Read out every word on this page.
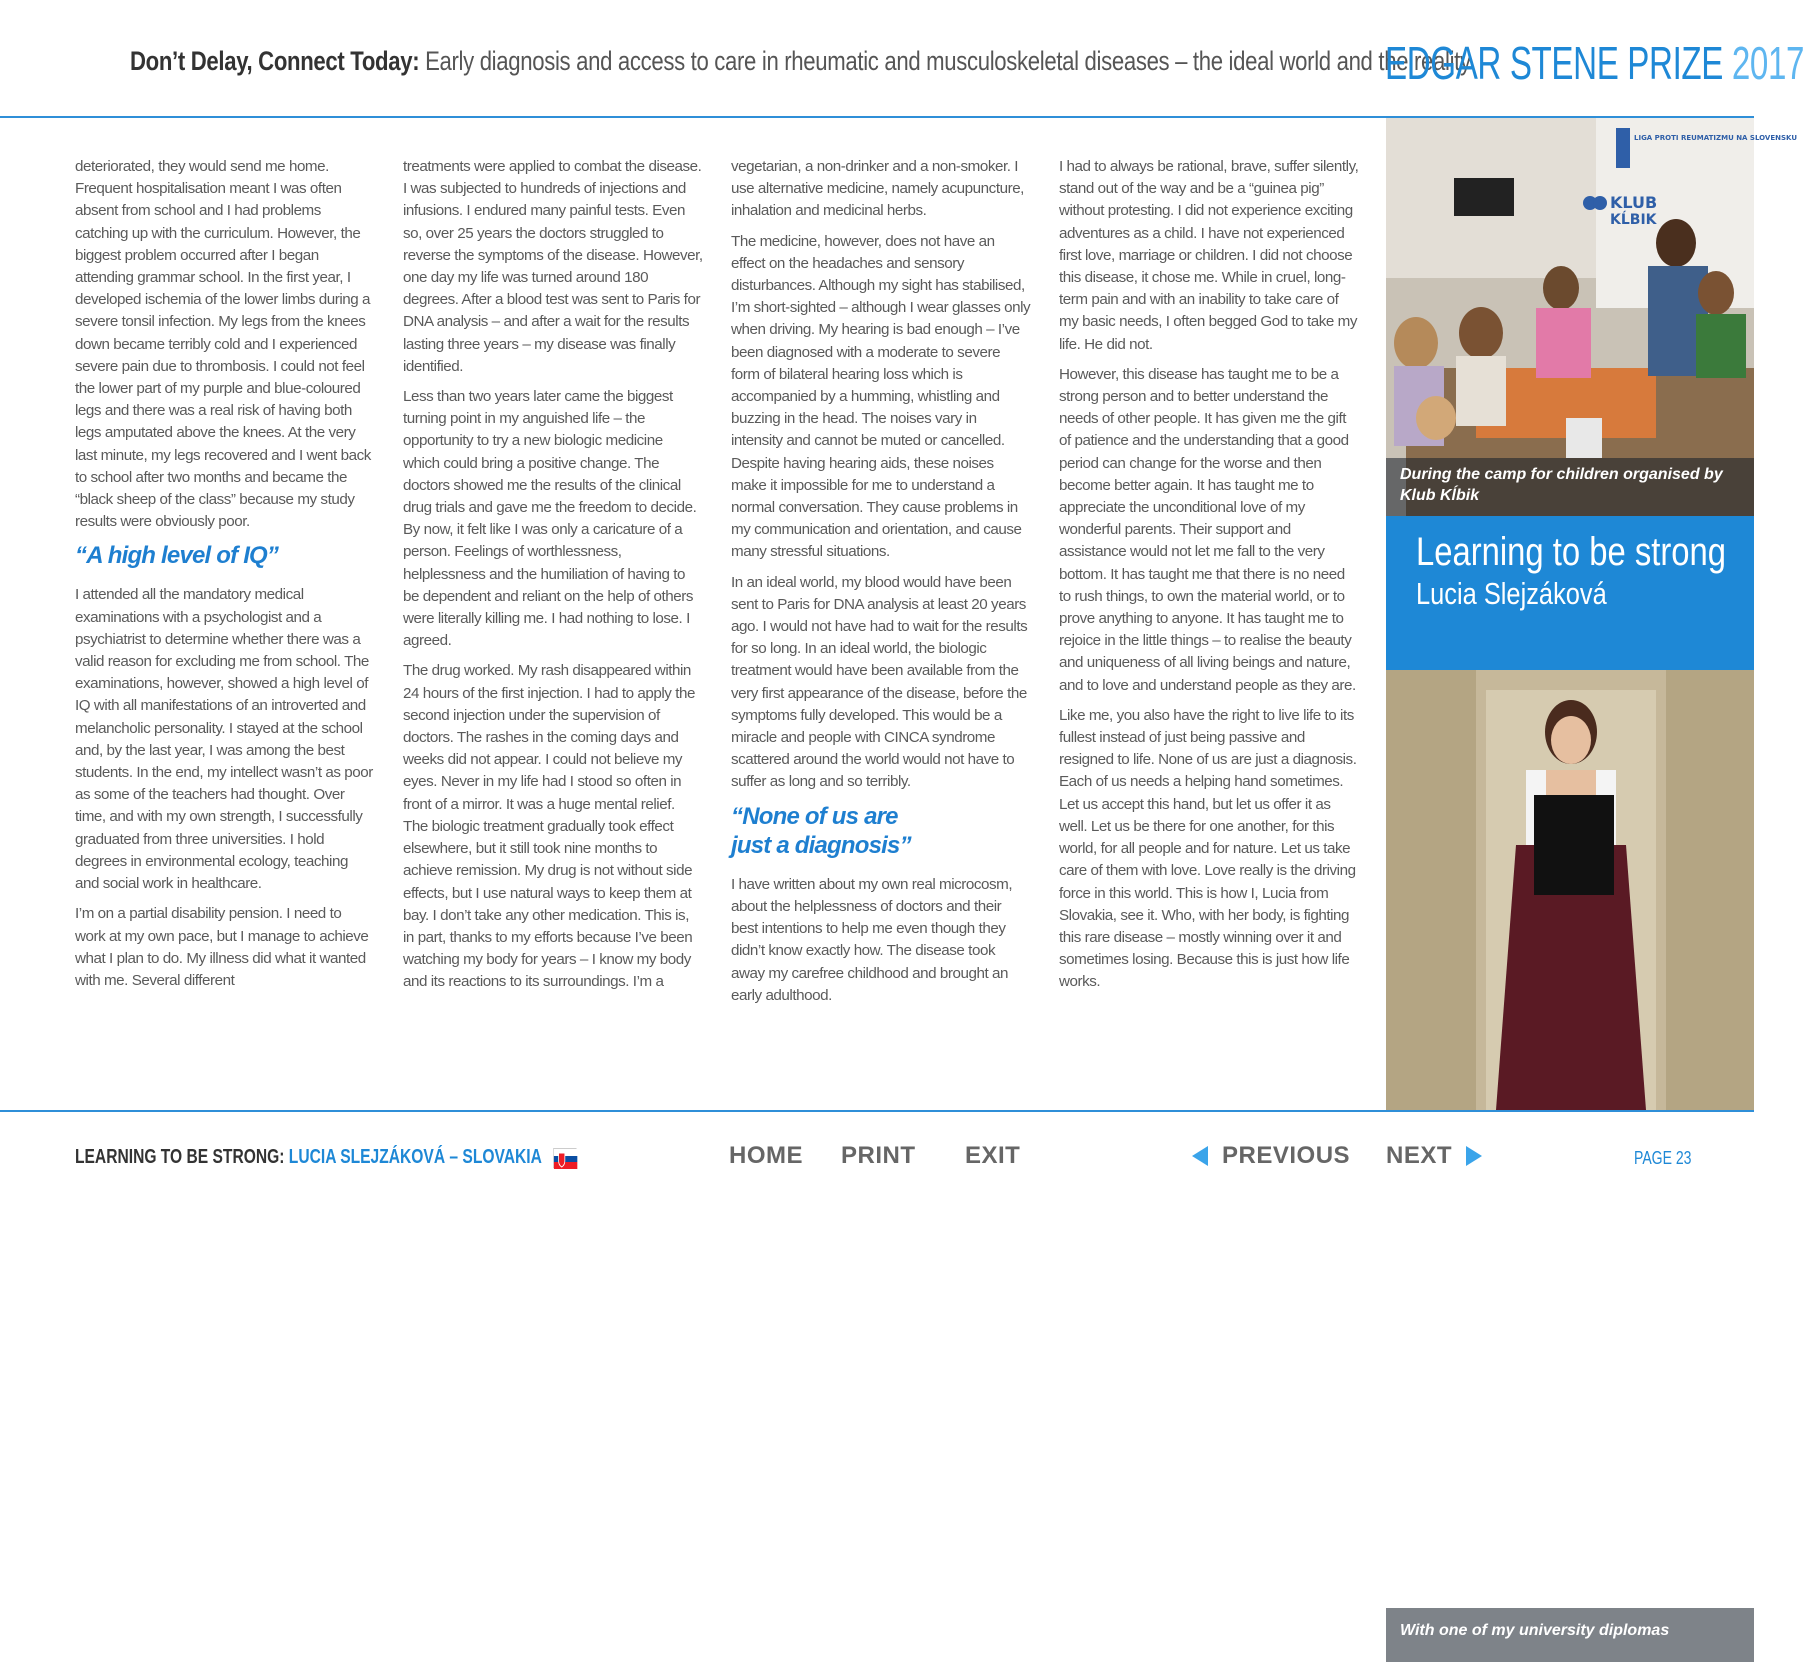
Don’t Delay, Connect Today: Early diagnosis and access to care in rheumatic and musculoskeletal diseases – the ideal world and the reality
EDGAR STENE PRIZE 2017

deteriorated, they would send me home. Frequent hospitalisation meant I was often absent from school and I had problems catching up with the curriculum. However, the biggest problem occurred after I began attending grammar school. In the first year, I developed ischemia of the lower limbs during a severe tonsil infection. My legs from the knees down became terribly cold and I experienced severe pain due to thrombosis. I could not feel the lower part of my purple and blue-coloured legs and there was a real risk of having both legs amputated above the knees. At the very last minute, my legs recovered and I went back to school after two months and became the “black sheep of the class” because my study results were obviously poor.

“A high level of IQ”

I attended all the mandatory medical examinations with a psychologist and a psychiatrist to determine whether there was a valid reason for excluding me from school. The examinations, however, showed a high level of IQ with all manifestations of an introverted and melancholic personality. I stayed at the school and, by the last year, I was among the best students. In the end, my intellect wasn’t as poor as some of the teachers had thought. Over time, and with my own strength, I successfully graduated from three universities. I hold degrees in environmental ecology, teaching and social work in healthcare.

I’m on a partial disability pension. I need to work at my own pace, but I manage to achieve what I plan to do. My illness did what it wanted with me. Several different

treatments were applied to combat the disease. I was subjected to hundreds of injections and infusions. I endured many painful tests. Even so, over 25 years the doctors struggled to reverse the symptoms of the disease. However, one day my life was turned around 180 degrees. After a blood test was sent to Paris for DNA analysis – and after a wait for the results lasting three years – my disease was finally identified.

Less than two years later came the biggest turning point in my anguished life – the opportunity to try a new biologic medicine which could bring a positive change. The doctors showed me the results of the clinical drug trials and gave me the freedom to decide. By now, it felt like I was only a caricature of a person. Feelings of worthlessness, helplessness and the humiliation of having to be dependent and reliant on the help of others were literally killing me. I had nothing to lose. I agreed.

The drug worked. My rash disappeared within 24 hours of the first injection. I had to apply the second injection under the supervision of doctors. The rashes in the coming days and weeks did not appear. I could not believe my eyes. Never in my life had I stood so often in front of a mirror. It was a huge mental relief. The biologic treatment gradually took effect elsewhere, but it still took nine months to achieve remission. My drug is not without side effects, but I use natural ways to keep them at bay. I don’t take any other medication. This is, in part, thanks to my efforts because I’ve been watching my body for years – I know my body and its reactions to its surroundings. I’m a

vegetarian, a non-drinker and a non-smoker. I use alternative medicine, namely acupuncture, inhalation and medicinal herbs.

The medicine, however, does not have an effect on the headaches and sensory disturbances. Although my sight has stabilised, I’m short-sighted – although I wear glasses only when driving. My hearing is bad enough – I’ve been diagnosed with a moderate to severe form of bilateral hearing loss which is accompanied by a humming, whistling and buzzing in the head. The noises vary in intensity and cannot be muted or cancelled. Despite having hearing aids, these noises make it impossible for me to understand a normal conversation. They cause problems in my communication and orientation, and cause many stressful situations.

In an ideal world, my blood would have been sent to Paris for DNA analysis at least 20 years ago. I would not have had to wait for the results for so long. In an ideal world, the biologic treatment would have been available from the very first appearance of the disease, before the symptoms fully developed. This would be a miracle and people with CINCA syndrome scattered around the world would not have to suffer as long and so terribly.

“None of us are just a diagnosis”

I have written about my own real microcosm, about the helplessness of doctors and their best intentions to help me even though they didn’t know exactly how. The disease took away my carefree childhood and brought an early adulthood.

I had to always be rational, brave, suffer silently, stand out of the way and be a “guinea pig” without protesting. I did not experience exciting adventures as a child. I have not experienced first love, marriage or children. I did not choose this disease, it chose me. While in cruel, long-term pain and with an inability to take care of my basic needs, I often begged God to take my life. He did not.

However, this disease has taught me to be a strong person and to better understand the needs of other people. It has given me the gift of patience and the understanding that a good period can change for the worse and then become better again. It has taught me to appreciate the unconditional love of my wonderful parents. Their support and assistance would not let me fall to the very bottom. It has taught me that there is no need to rush things, to own the material world, or to prove anything to anyone. It has taught me to rejoice in the little things – to realise the beauty and uniqueness of all living beings and nature, and to love and understand people as they are.

Like me, you also have the right to live life to its fullest instead of just being passive and resigned to life. None of us are just a diagnosis. Each of us needs a helping hand sometimes. Let us accept this hand, but let us offer it as well. Let us be there for one another, for this world, for all people and for nature. Let us take care of them with love. Love really is the driving force in this world. This is how I, Lucia from Slovakia, see it. Who, with her body, is fighting this rare disease – mostly winning over it and sometimes losing. Because this is just how life works.

LIGA PROTI REUMATIZMU NA SLOVENSKU
KLUB
KĹBIK
During the camp for children organised by Klub Kĺbik
Learning to be strong
Lucia Slejzáková
With one of my university diplomas
LEARNING TO BE STRONG: LUCIA SLEJZÁKOVÁ – SLOVAKIA	HOME PRINT EXIT	PREVIOUS NEXT	PAGE 23
